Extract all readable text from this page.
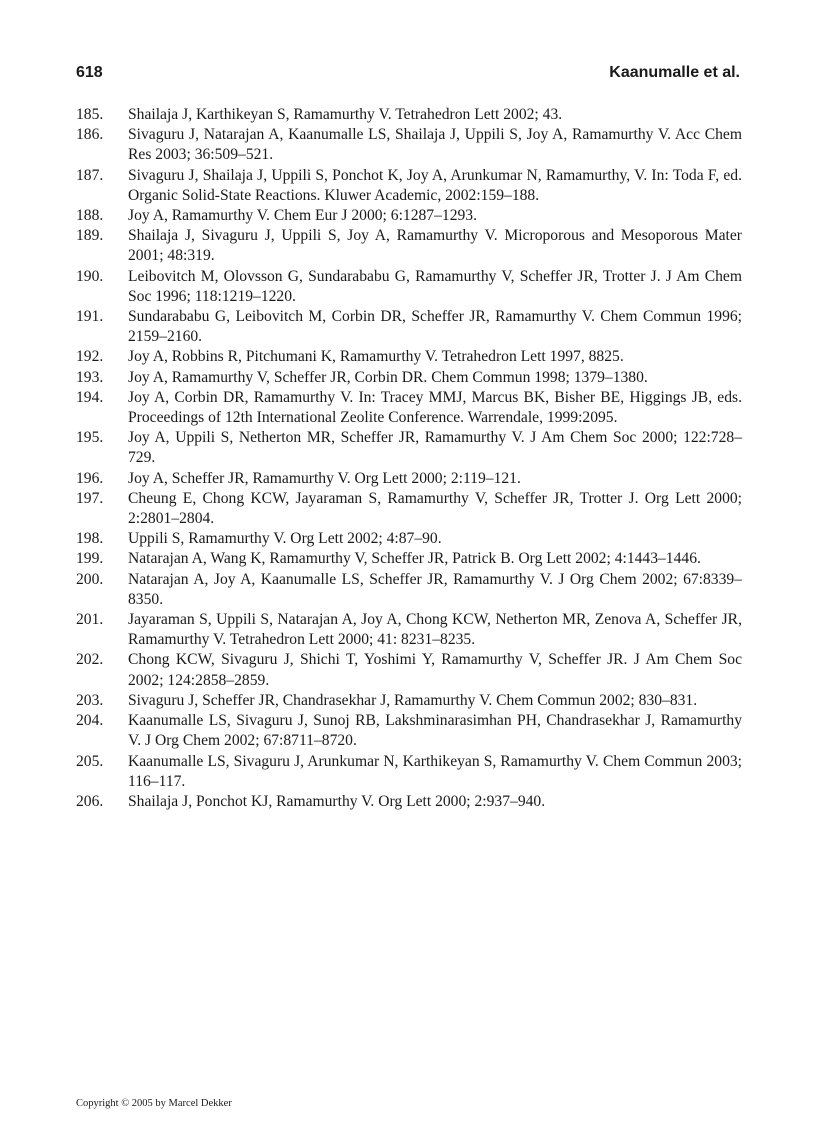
618	Kaanumalle et al.
185. Shailaja J, Karthikeyan S, Ramamurthy V. Tetrahedron Lett 2002; 43.
186. Sivaguru J, Natarajan A, Kaanumalle LS, Shailaja J, Uppili S, Joy A, Ramamurthy V. Acc Chem Res 2003; 36:509–521.
187. Sivaguru J, Shailaja J, Uppili S, Ponchot K, Joy A, Arunkumar N, Ramamurthy, V. In: Toda F, ed. Organic Solid-State Reactions. Kluwer Academic, 2002:159–188.
188. Joy A, Ramamurthy V. Chem Eur J 2000; 6:1287–1293.
189. Shailaja J, Sivaguru J, Uppili S, Joy A, Ramamurthy V. Microporous and Mesoporous Mater 2001; 48:319.
190. Leibovitch M, Olovsson G, Sundarababu G, Ramamurthy V, Scheffer JR, Trotter J. J Am Chem Soc 1996; 118:1219–1220.
191. Sundarababu G, Leibovitch M, Corbin DR, Scheffer JR, Ramamurthy V. Chem Commun 1996; 2159–2160.
192. Joy A, Robbins R, Pitchumani K, Ramamurthy V. Tetrahedron Lett 1997, 8825.
193. Joy A, Ramamurthy V, Scheffer JR, Corbin DR. Chem Commun 1998; 1379–1380.
194. Joy A, Corbin DR, Ramamurthy V. In: Tracey MMJ, Marcus BK, Bisher BE, Higgings JB, eds. Proceedings of 12th International Zeolite Conference. Warrendale, 1999:2095.
195. Joy A, Uppili S, Netherton MR, Scheffer JR, Ramamurthy V. J Am Chem Soc 2000; 122:728–729.
196. Joy A, Scheffer JR, Ramamurthy V. Org Lett 2000; 2:119–121.
197. Cheung E, Chong KCW, Jayaraman S, Ramamurthy V, Scheffer JR, Trotter J. Org Lett 2000; 2:2801–2804.
198. Uppili S, Ramamurthy V. Org Lett 2002; 4:87–90.
199. Natarajan A, Wang K, Ramamurthy V, Scheffer JR, Patrick B. Org Lett 2002; 4:1443–1446.
200. Natarajan A, Joy A, Kaanumalle LS, Scheffer JR, Ramamurthy V. J Org Chem 2002; 67:8339–8350.
201. Jayaraman S, Uppili S, Natarajan A, Joy A, Chong KCW, Netherton MR, Zenova A, Scheffer JR, Ramamurthy V. Tetrahedron Lett 2000; 41: 8231–8235.
202. Chong KCW, Sivaguru J, Shichi T, Yoshimi Y, Ramamurthy V, Scheffer JR. J Am Chem Soc 2002; 124:2858–2859.
203. Sivaguru J, Scheffer JR, Chandrasekhar J, Ramamurthy V. Chem Commun 2002; 830–831.
204. Kaanumalle LS, Sivaguru J, Sunoj RB, Lakshminarasimhan PH, Chandrasekhar J, Ramamurthy V. J Org Chem 2002; 67:8711–8720.
205. Kaanumalle LS, Sivaguru J, Arunkumar N, Karthikeyan S, Ramamurthy V. Chem Commun 2003; 116–117.
206. Shailaja J, Ponchot KJ, Ramamurthy V. Org Lett 2000; 2:937–940.
Copyright © 2005 by Marcel Dekker
